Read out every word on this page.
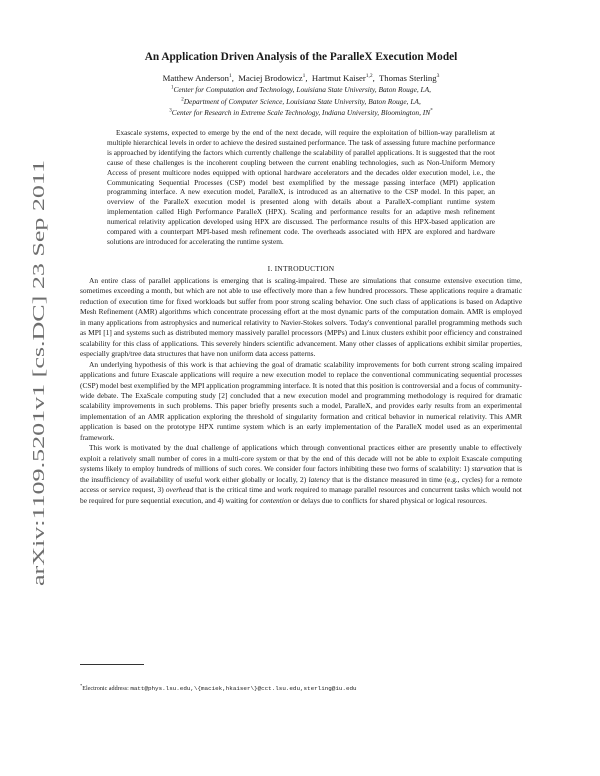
arXiv:1109.5201v1 [cs.DC] 23 Sep 2011
An Application Driven Analysis of the ParalleX Execution Model
Matthew Anderson$^1$,  Maciej Brodowicz$^1$,  Hartmut Kaiser$^{1,2}$,  Thomas Sterling$^3$
$^1$Center for Computation and Technology, Louisiana State University, Baton Rouge, LA,
$^2$Department of Computer Science, Louisiana State University, Baton Rouge, LA,
$^3$Center for Research in Extreme Scale Technology, Indiana University, Bloomington, IN*

Exascale systems, expected to emerge by the end of the next decade, will require the exploitation of billion-way parallelism at multiple hierarchical levels in order to achieve the desired sustained performance. The task of assessing future machine performance is approached by identifying the factors which currently challenge the scalability of parallel applications. It is suggested that the root cause of these challenges is the incoherent coupling between the current enabling technologies, such as Non-Uniform Memory Access of present multicore nodes equipped with optional hardware accelerators and the decades older execution model, i.e., the Communicating Sequential Processes (CSP) model best exemplified by the message passing interface (MPI) application programming interface. A new execution model, ParalleX, is introduced as an alternative to the CSP model. In this paper, an overview of the ParalleX execution model is presented along with details about a ParalleX-compliant runtime system implementation called High Performance ParalleX (HPX). Scaling and performance results for an adaptive mesh refinement numerical relativity application developed using HPX are discussed. The performance results of this HPX-based application are compared with a counterpart MPI-based mesh refinement code. The overheads associated with HPX are explored and hardware solutions are introduced for accelerating the runtime system.

I. INTRODUCTION

An entire class of parallel applications is emerging that is scaling-impaired. These are simulations that consume extensive execution time, sometimes exceeding a month, but which are not able to use effectively more than a few hundred processors. These applications require a dramatic reduction of execution time for fixed workloads but suffer from poor strong scaling behavior. One such class of applications is based on Adaptive Mesh Refinement (AMR) algorithms which concentrate processing effort at the most dynamic parts of the computation domain. AMR is employed in many applications from astrophysics and numerical relativity to Navier-Stokes solvers. Today's conventional parallel programming methods such as MPI [1] and systems such as distributed memory massively parallel processors (MPPs) and Linux clusters exhibit poor efficiency and constrained scalability for this class of applications. This severely hinders scientific advancement. Many other classes of applications exhibit similar properties, especially graph/tree data structures that have non uniform data access patterns.

An underlying hypothesis of this work is that achieving the goal of dramatic scalability improvements for both current strong scaling impaired applications and future Exascale applications will require a new execution model to replace the conventional communicating sequential processes (CSP) model best exemplified by the MPI application programming interface. It is noted that this position is controversial and a focus of community-wide debate. The ExaScale computing study [2] concluded that a new execution model and programming methodology is required for dramatic scalability improvements in such problems. This paper briefly presents such a model, ParalleX, and provides early results from an experimental implementation of an AMR application exploring the threshold of singularity formation and critical behavior in numerical relativity. This AMR application is based on the prototype HPX runtime system which is an early implementation of the ParalleX model used as an experimental framework.

This work is motivated by the dual challenge of applications which through conventional practices either are presently unable to effectively exploit a relatively small number of cores in a multi-core system or that by the end of this decade will not be able to exploit Exascale computing systems likely to employ hundreds of millions of such cores. We consider four factors inhibiting these two forms of scalability: 1) starvation that is the insufficiency of availability of useful work either globally or locally, 2) latency that is the distance measured in time (e.g., cycles) for a remote access or service request, 3) overhead that is the critical time and work required to manage parallel resources and concurrent tasks which would not be required for pure sequential execution, and 4) waiting for contention or delays due to conflicts for shared physical or logical resources.

*Electronic address: matt@phys.lsu.edu,\{maciek,hkaiser\}@cct.lsu.edu,sterling@iu.edu
